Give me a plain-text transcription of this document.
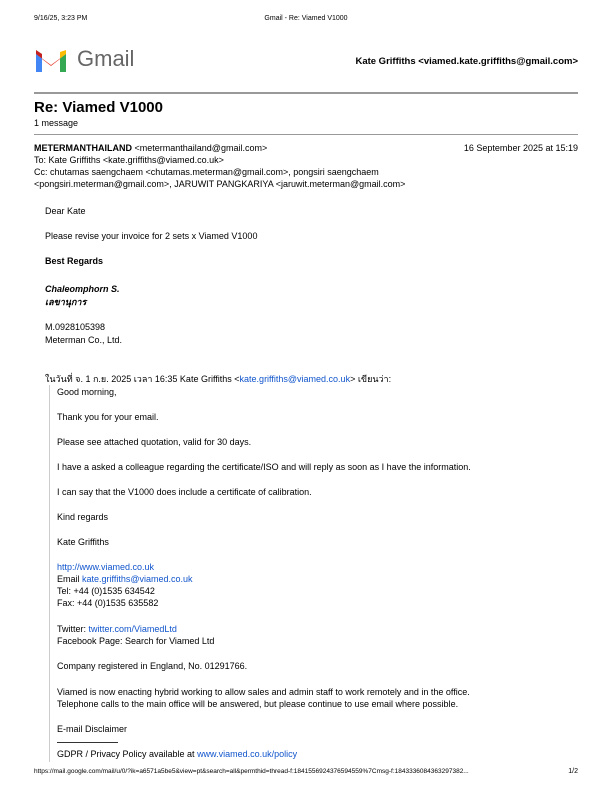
9/16/25, 3:23 PM	Gmail - Re: Viamed V1000
Gmail	Kate Griffiths <viamed.kate.griffiths@gmail.com>
Re: Viamed V1000
1 message
METERMANTHAILAND <metermanthailand@gmail.com>	16 September 2025 at 15:19
To: Kate Griffiths <kate.griffiths@viamed.co.uk>
Cc: chutamas saengchaem <chutamas.meterman@gmail.com>, pongsiri saengchaem
<pongsiri.meterman@gmail.com>, JARUWIT PANGKARIYA <jaruwit.meterman@gmail.com>
Dear Kate
Please revise your invoice for 2 sets x Viamed V1000
Best Regards
Chaleomphorn S.
เลขานุการ
M.0928105398
Meterman Co., Ltd.
ในวันที่ จ. 1 ก.ย. 2025 เวลา 16:35 Kate Griffiths <kate.griffiths@viamed.co.uk> เขียนว่า:
Good morning,
Thank you for your email.
Please see attached quotation, valid for 30 days.
I have a asked a colleague regarding the certificate/ISO and will reply as soon as I have the information.
I can say that the V1000 does include a certificate of calibration.
Kind regards
Kate Griffiths
http://www.viamed.co.uk
Email kate.griffiths@viamed.co.uk
Tel: +44 (0)1535 634542
Fax: +44 (0)1535 635582
Twitter: twitter.com/ViamedLtd
Facebook Page: Search for Viamed Ltd
Company registered in England, No. 01291766.
Viamed is now enacting hybrid working to allow sales and admin staff to work remotely and in the office.
Telephone calls to the main office will be answered, but please continue to use email where possible.
E-mail Disclaimer
GDPR / Privacy Policy available at www.viamed.co.uk/policy
https://mail.google.com/mail/u/0/?ik=a6571a5be5&view=pt&search=all&permthid=thread-f:1841556924376594559%7Cmsg-f:1843336084363297382...	1/2
